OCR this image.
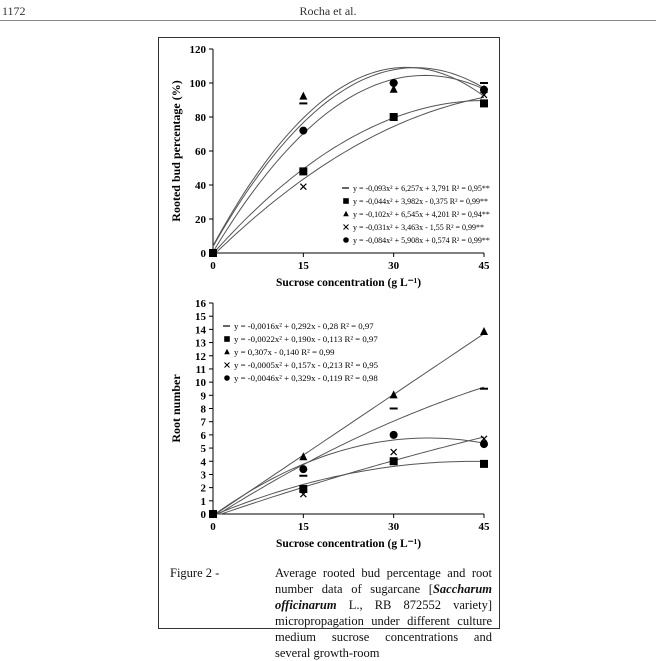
1172	Rocha et al.
0
20
40
60
80
100
120
0	15	30	45
Sucrose concentration (g L⁻¹)
Rooted bud percentage (%)	y = -0,093x² + 6,257x + 3,791 R² = 0,95**
y = -0,044x² + 3,982x - 0,375 R² = 0,99**
y = -0,102x² + 6,545x + 4,201 R² = 0,94**
y = -0,031x² + 3,463x - 1,55 R² = 0,99**
y = -0,084x² + 5,908x + 0,574 R² = 0,99**
0
1
2
3
4
5
6
7
8
9
10
11
12
13
14
15
16
0	15	30	45
Sucrose concentration (g L⁻¹)
Root number
y = -0,0016x² + 0,292x - 0,28 R² = 0,97
y = -0,0022x² + 0,190x - 0,113 R² = 0,97
y = 0,307x - 0,140 R² = 0,99
y = -0,0005x² + 0,157x - 0,213 R² = 0,95
y = -0,0046x² + 0,329x - 0,119 R² = 0,98
Figure 2 -	Average rooted bud percentage and root number data of sugarcane [Saccharum officinarum L., RB 872552 variety] micropropagation under different culture medium sucrose concentrations and several growth-room
